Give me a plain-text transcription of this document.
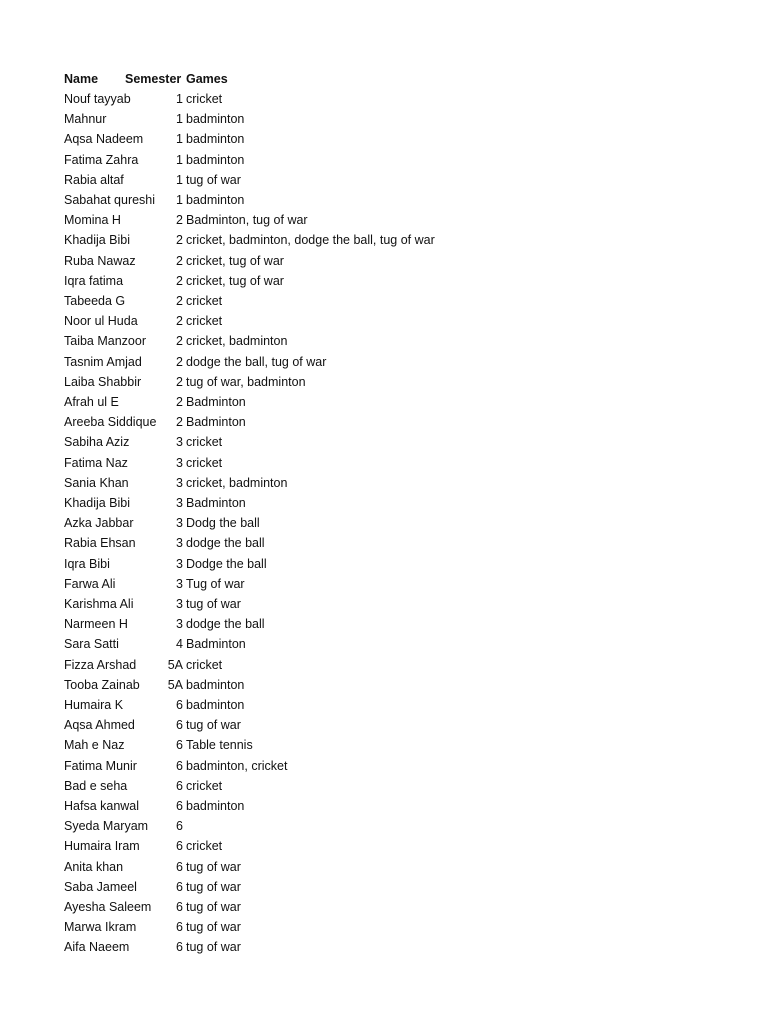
Name	Semester Games
Nouf tayyab	1 cricket
Mahnur	1 badminton
Aqsa Nadeem	1 badminton
Fatima Zahra	1 badminton
Rabia altaf	1 tug of war
Sabahat qureshi	1 badminton
Momina H	2 Badminton, tug of war
Khadija Bibi	2 cricket, badminton, dodge the ball, tug of war
Ruba Nawaz	2 cricket, tug of war
Iqra fatima	2 cricket, tug of war
Tabeeda G	2 cricket
Noor ul Huda	2 cricket
Taiba Manzoor	2 cricket, badminton
Tasnim Amjad	2 dodge the ball, tug of war
Laiba Shabbir	2 tug of war, badminton
Afrah ul E	2 Badminton
Areeba Siddique	2 Badminton
Sabiha Aziz	3 cricket
Fatima Naz	3 cricket
Sania Khan	3 cricket, badminton
Khadija Bibi	3 Badminton
Azka Jabbar	3 Dodg the ball
Rabia Ehsan	3 dodge the ball
Iqra Bibi	3 Dodge the ball
Farwa Ali	3 Tug of war
Karishma Ali	3 tug of war
Narmeen H	3 dodge the ball
Sara Satti	4 Badminton
Fizza Arshad	5A cricket
Tooba Zainab	5A badminton
Humaira K	6 badminton
Aqsa Ahmed	6 tug of war
Mah e Naz	6 Table tennis
Fatima Munir	6 badminton, cricket
Bad e seha	6 cricket
Hafsa kanwal	6 badminton
Syeda Maryam	6
Humaira Iram	6 cricket
Anita khan	6 tug of war
Saba Jameel	6 tug of war
Ayesha Saleem	6 tug of war
Marwa Ikram	6 tug of war
Aifa Naeem	6 tug of war
